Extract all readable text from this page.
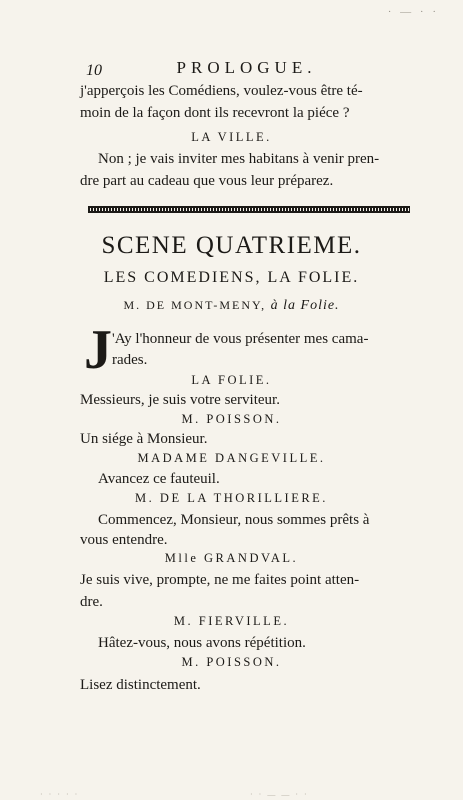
10	PROLOGUE.
j'apperçois les Comédiens, voulez-vous être té-
moin de la façon dont ils recevront la piéce ?
LA VILLE.
Non ; je vais inviter mes habitans à venir pren-
dre part au cadeau que vous leur préparez.
SCENE QUATRIEME.
LES COMEDIENS, LA FOLIE.
M. DE MONT-MENY, à la Folie.
J 'Ay l'honneur de vous présenter mes cama-
rades.
LA FOLIE.
Messieurs, je suis votre serviteur.
M. POISSON.
Un siége à Monsieur.
MADAME DANGEVILLE.
Avancez ce fauteuil.
M. DE LA THORILLIERE.
Commencez, Monsieur, nous sommes prêts à
vous entendre.
Mlle GRANDVAL.
Je suis vive, prompte, ne me faites point atten-
dre.
M. FIERVILLE.
Hâtez-vous, nous avons répétition.
M. POISSON.
Lisez distinctement.
· — · ·
· · · · ·	· · — — · ·
